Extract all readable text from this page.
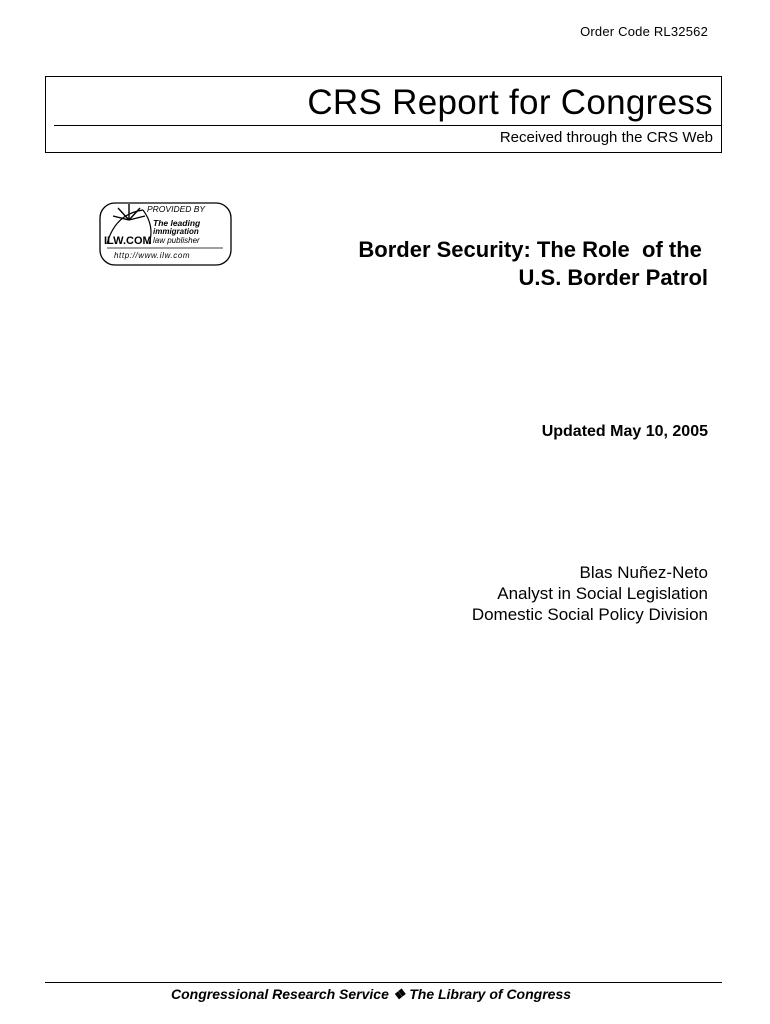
Order Code RL32562
CRS Report for Congress
Received through the CRS Web
PROVIDED BY
The leading
immigration
law publisher
ILW.COM
http://www.ilw.com	Border Security: The Role  of the
U.S. Border Patrol
Updated May 10, 2005
Blas Nuñez-Neto
Analyst in Social Legislation
Domestic Social Policy Division
Congressional Research Service ❖ The Library of Congress
